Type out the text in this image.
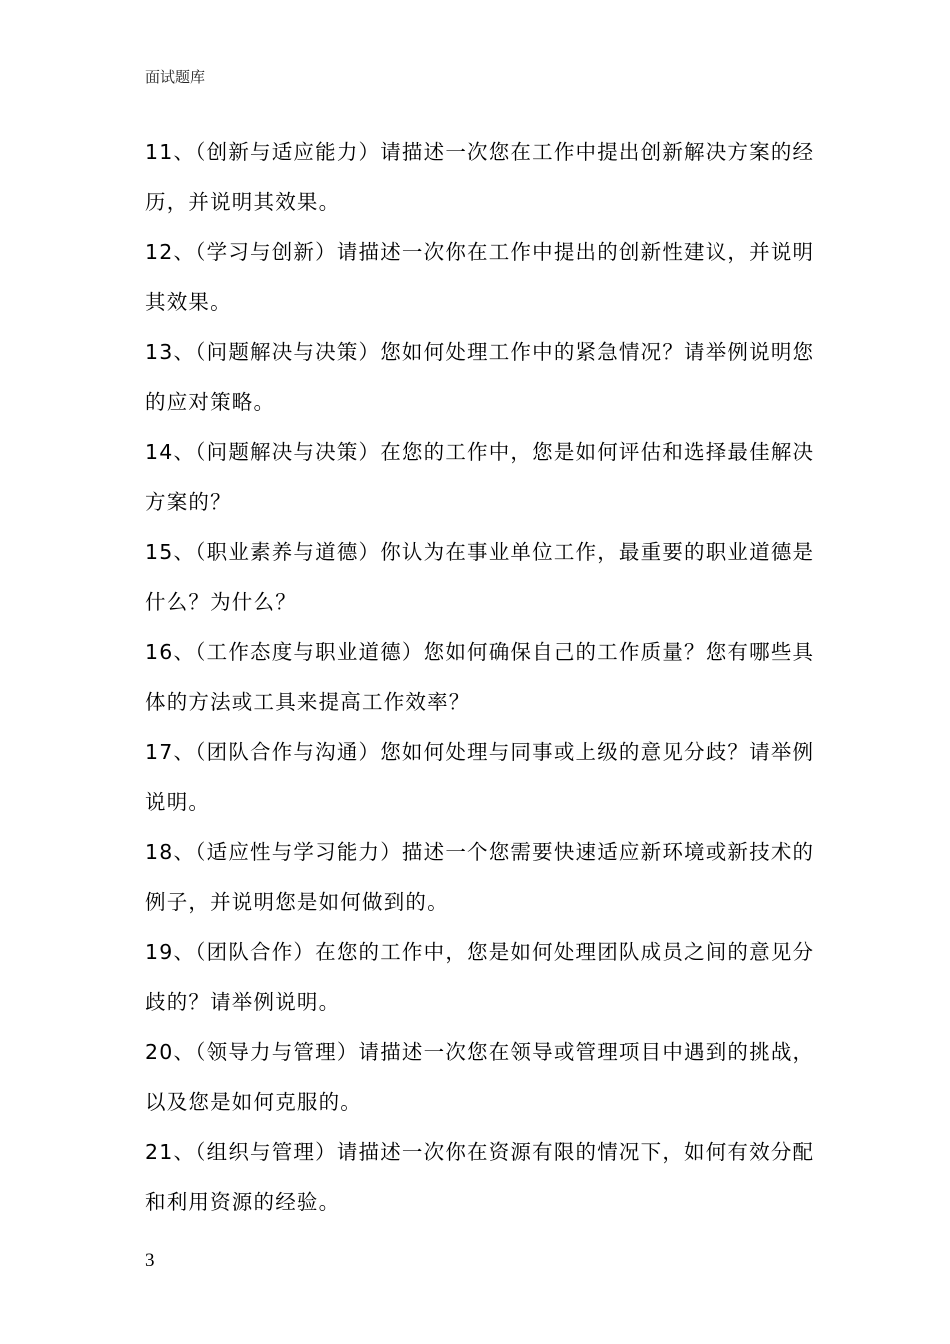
面试题库

11、（创新与适应能力）请描述一次您在工作中提出创新解决方案的经历，并说明其效果。

12、（学习与创新）请描述一次你在工作中提出的创新性建议，并说明其效果。

13、（问题解决与决策）您如何处理工作中的紧急情况？请举例说明您的应对策略。

14、（问题解决与决策）在您的工作中，您是如何评估和选择最佳解决方案的？

15、（职业素养与道德）你认为在事业单位工作，最重要的职业道德是什么？为什么？

16、（工作态度与职业道德）您如何确保自己的工作质量？您有哪些具体的方法或工具来提高工作效率？

17、（团队合作与沟通）您如何处理与同事或上级的意见分歧？请举例说明。

18、（适应性与学习能力）描述一个您需要快速适应新环境或新技术的例子，并说明您是如何做到的。

19、（团队合作）在您的工作中，您是如何处理团队成员之间的意见分歧的？请举例说明。

20、（领导力与管理）请描述一次您在领导或管理项目中遇到的挑战，以及您是如何克服的。

21、（组织与管理）请描述一次你在资源有限的情况下，如何有效分配和利用资源的经验。

3
